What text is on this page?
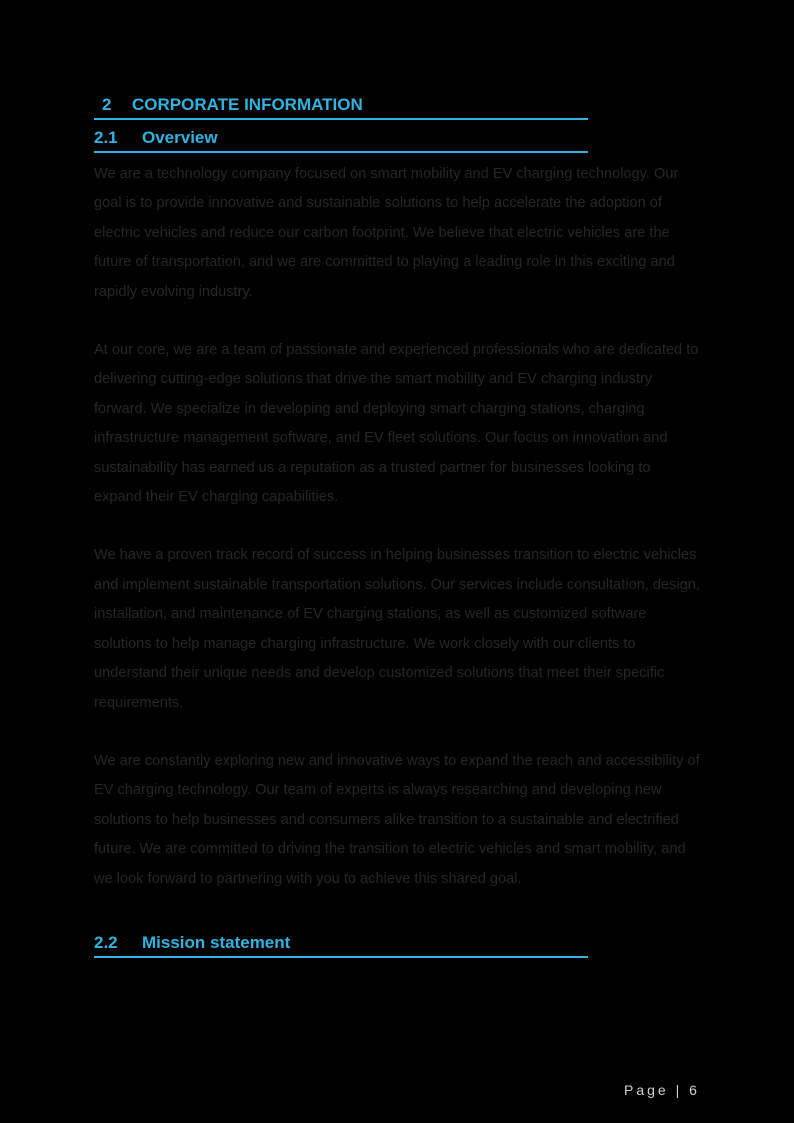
2 CORPORATE INFORMATION
2.1 Overview

We are a technology company focused on smart mobility and EV charging technology. Our goal is to provide innovative and sustainable solutions to help accelerate the adoption of electric vehicles and reduce our carbon footprint. We believe that electric vehicles are the future of transportation, and we are committed to playing a leading role in this exciting and rapidly evolving industry.

At our core, we are a team of passionate and experienced professionals who are dedicated to delivering cutting-edge solutions that drive the smart mobility and EV charging industry forward. We specialize in developing and deploying smart charging stations, charging infrastructure management software, and EV fleet solutions. Our focus on innovation and sustainability has earned us a reputation as a trusted partner for businesses looking to expand their EV charging capabilities.

We have a proven track record of success in helping businesses transition to electric vehicles and implement sustainable transportation solutions. Our services include consultation, design, installation, and maintenance of EV charging stations, as well as customized software solutions to help manage charging infrastructure. We work closely with our clients to understand their unique needs and develop customized solutions that meet their specific requirements.

We are constantly exploring new and innovative ways to expand the reach and accessibility of EV charging technology. Our team of experts is always researching and developing new solutions to help businesses and consumers alike transition to a sustainable and electrified future. We are committed to driving the transition to electric vehicles and smart mobility, and we look forward to partnering with you to achieve this shared goal.

2.2 Mission statement
Page | 6
